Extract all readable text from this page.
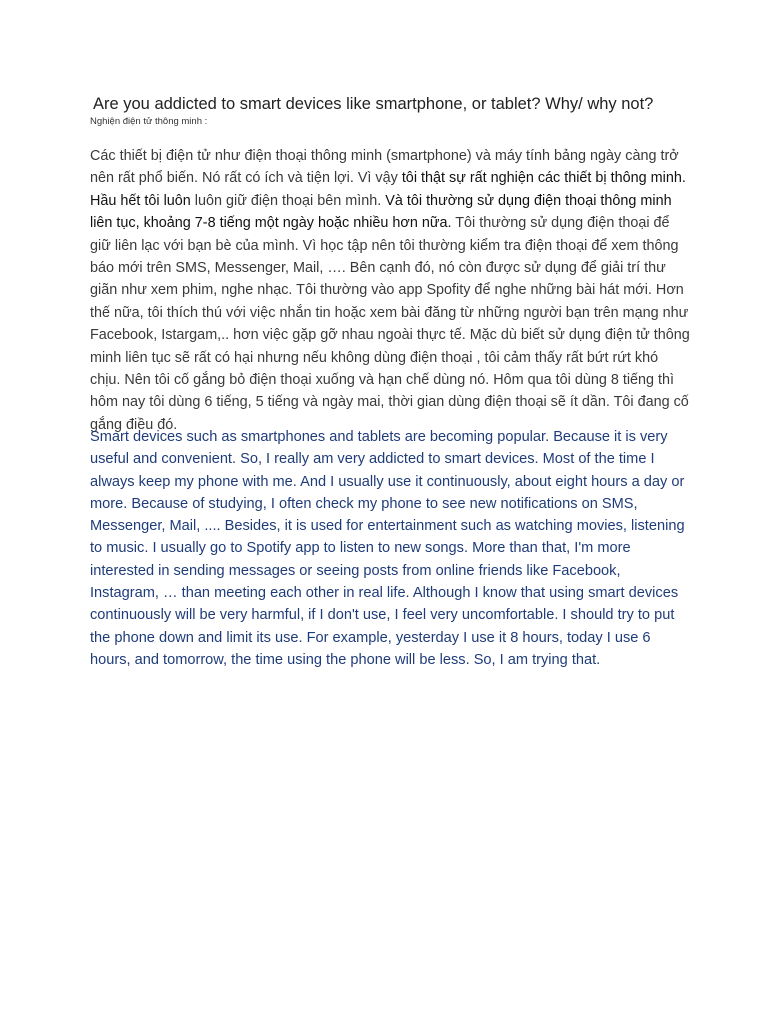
Are you addicted to smart devices like smartphone, or tablet? Why/ why not?

Nghiện điện tử thông minh :

Các thiết bị điện tử như điện thoại thông minh (smartphone) và máy tính bảng ngày càng trở nên rất phổ biến. Nó rất có ích và tiện lợi. Vì vậy tôi thật sự rất nghiện các thiết bị thông minh. Hầu hết tôi luôn luôn giữ điện thoại bên mình. Và tôi thường sử dụng điện thoại thông minh liên tục, khoảng 7-8 tiếng một ngày hoặc nhiều hơn nữa. Tôi thường sử dụng điện thoại để giữ liên lạc với bạn bè của mình. Vì học tập nên tôi thường kiểm tra điện thoại để xem thông báo mới trên SMS, Messenger, Mail, …. Bên cạnh đó, nó còn được sử dụng để giải trí thư giãn như xem phim, nghe nhạc. Tôi thường vào app Spofity để nghe những bài hát mới. Hơn thế nữa, tôi thích thú với việc nhắn tin hoặc xem bài đăng từ những người bạn trên mạng như Facebook, Istargam,.. hơn việc gặp gỡ nhau ngoài thực tế. Mặc dù biết sử dụng điện tử thông minh liên tục sẽ rất có hại nhưng nếu không dùng điện thoại , tôi cảm thấy rất bứt rứt khó chịu. Nên tôi cố gắng bỏ điện thoại xuống và hạn chế dùng nó. Hôm qua tôi dùng 8 tiếng thì hôm nay tôi dùng 6 tiếng, 5 tiếng và ngày mai, thời gian dùng điện thoại sẽ ít dần. Tôi đang cố gắng điều đó.

Smart devices such as smartphones and tablets are becoming popular. Because it is very useful and convenient. So, I really am very addicted to smart devices. Most of the time I always keep my phone with me. And I usually use it continuously, about eight hours a day or more. Because of studying, I often check my phone to see new notifications on SMS, Messenger, Mail, .... Besides, it is used for entertainment such as watching movies, listening to music. I usually go to Spotify app to listen to new songs. More than that, I'm more interested in sending messages or seeing posts from online friends like Facebook, Instagram, … than meeting each other in real life. Although I know that using smart devices continuously will be very harmful, if I don't use, I feel very uncomfortable. I should try to put the phone down and limit its use. For example, yesterday I use it 8 hours, today I use 6 hours, and tomorrow, the time using the phone will be less. So, I am trying that.
